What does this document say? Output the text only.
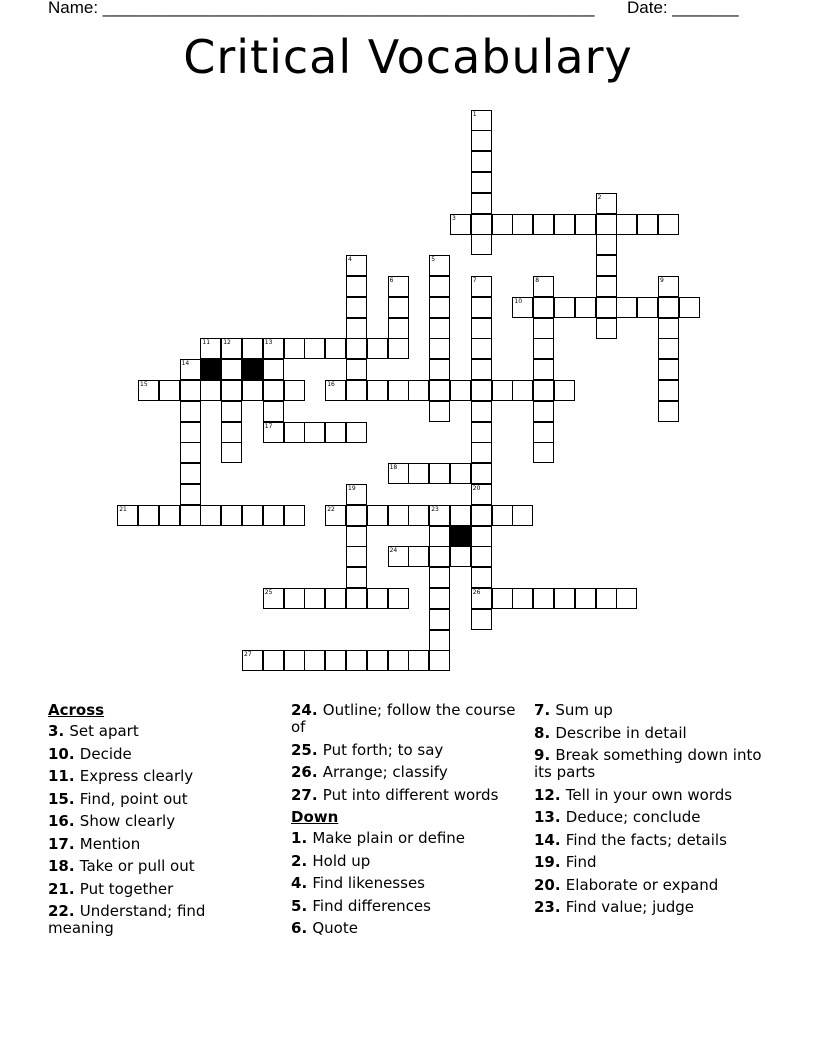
Name: ____________________________________________________ Date: _______
Critical Vocabulary
3
10
11 12	13
15	16
17
18
21	22	23
24
25	26
27
1
2
4	5
6	7	8	9
14
19	20
Across
3. Set apart
10. Decide
11. Express clearly
15. Find, point out
16. Show clearly
17. Mention
18. Take or pull out
21. Put together
22. Understand; find meaning
24. Outline; follow the course of
25. Put forth; to say
26. Arrange; classify
27. Put into different words
Down
1. Make plain or define
2. Hold up
4. Find likenesses
5. Find differences
6. Quote
7. Sum up
8. Describe in detail
9. Break something down into its parts
12. Tell in your own words
13. Deduce; conclude
14. Find the facts; details
19. Find
20. Elaborate or expand
23. Find value; judge
